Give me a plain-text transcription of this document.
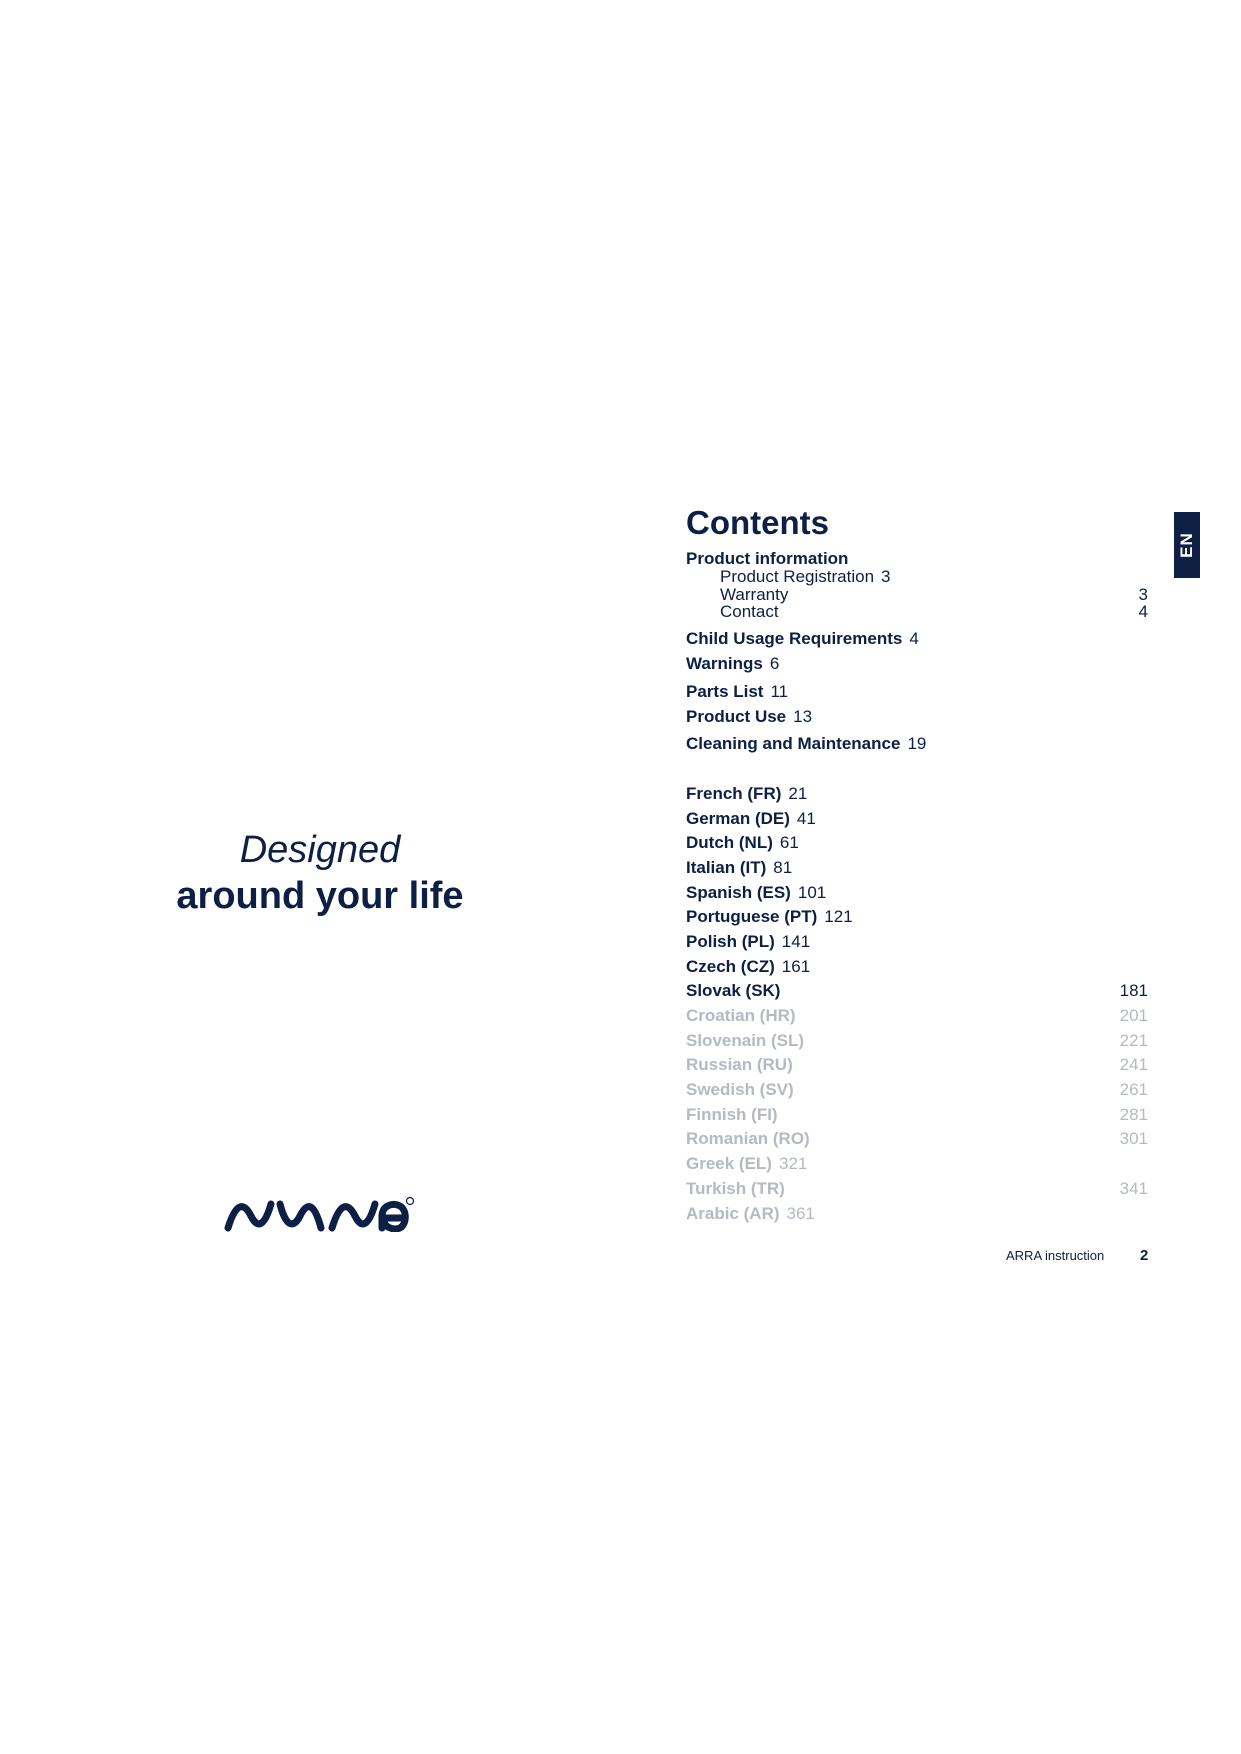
Designed
around your life
Contents
Product information
Product Registration 3
Warranty	3
Contact	4
Child Usage Requirements 4
Warnings 6
Parts List 11
Product Use 13
Cleaning and Maintenance 19
French (FR) 21
German (DE) 41
Dutch (NL) 61
Italian (IT) 81
Spanish (ES) 101
Portuguese (PT) 121
Polish (PL) 141
Czech (CZ) 161
Slovak (SK)	181
Croatian (HR)	201
Slovenain (SL)	221
Russian (RU)	241
Swedish (SV)	261
Finnish (FI)	281
Romanian (RO)	301
Greek (EL) 321
Turkish (TR)	341
Arabic (AR) 361
EN
ARRA instruction 2
